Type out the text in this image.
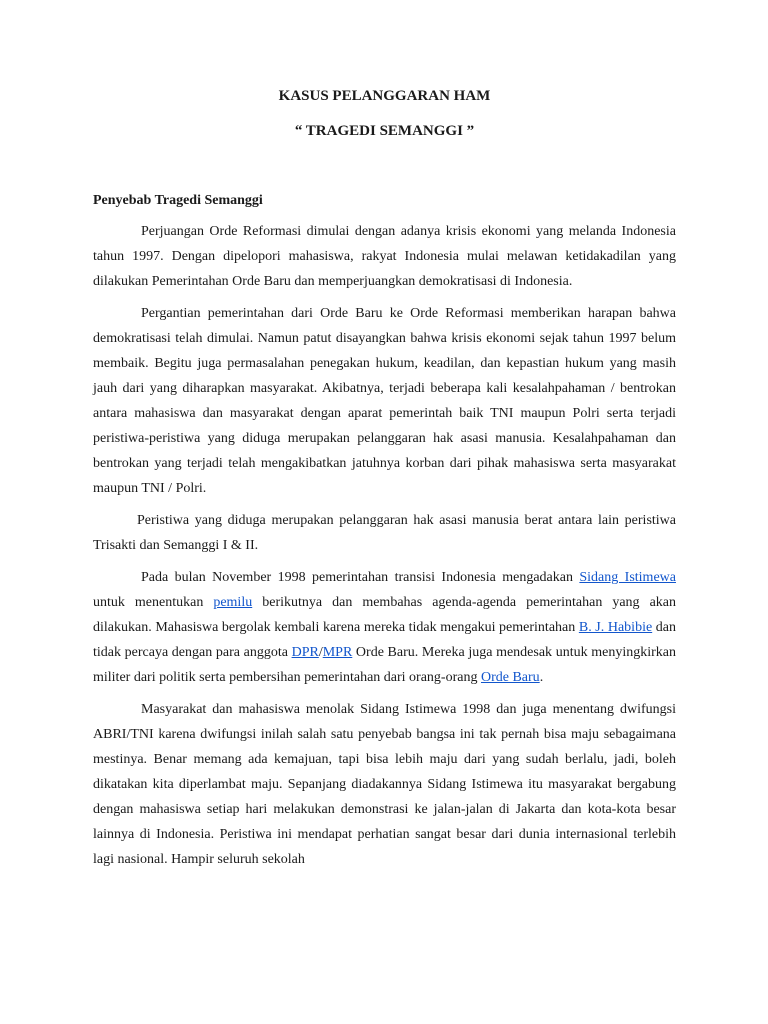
KASUS PELANGGARAN HAM
“ TRAGEDI SEMANGGI ”
Penyebab Tragedi Semanggi

Perjuangan Orde Reformasi dimulai dengan adanya krisis ekonomi yang melanda Indonesia tahun 1997. Dengan dipelopori mahasiswa, rakyat Indonesia mulai melawan ketidakadilan yang dilakukan Pemerintahan Orde Baru dan memperjuangkan demokratisasi di Indonesia.

Pergantian pemerintahan dari Orde Baru ke Orde Reformasi memberikan harapan bahwa demokratisasi telah dimulai. Namun patut disayangkan bahwa krisis ekonomi sejak tahun 1997 belum membaik. Begitu juga permasalahan penegakan hukum, keadilan, dan kepastian hukum yang masih jauh dari yang diharapkan masyarakat. Akibatnya, terjadi beberapa kali kesalahpahaman / bentrokan antara mahasiswa dan masyarakat dengan aparat pemerintah baik TNI maupun Polri serta terjadi peristiwa-peristiwa yang diduga merupakan pelanggaran hak asasi manusia. Kesalahpahaman dan bentrokan yang terjadi telah mengakibatkan jatuhnya korban dari pihak mahasiswa serta masyarakat maupun TNI / Polri.

Peristiwa yang diduga merupakan pelanggaran hak asasi manusia berat antara lain peristiwa Trisakti dan Semanggi I & II.

Pada bulan November 1998 pemerintahan transisi Indonesia mengadakan Sidang Istimewa untuk menentukan pemilu berikutnya dan membahas agenda-agenda pemerintahan yang akan dilakukan. Mahasiswa bergolak kembali karena mereka tidak mengakui pemerintahan B. J. Habibie dan tidak percaya dengan para anggota DPR/MPR Orde Baru. Mereka juga mendesak untuk menyingkirkan militer dari politik serta pembersihan pemerintahan dari orang-orang Orde Baru.

Masyarakat dan mahasiswa menolak Sidang Istimewa 1998 dan juga menentang dwifungsi ABRI/TNI karena dwifungsi inilah salah satu penyebab bangsa ini tak pernah bisa maju sebagaimana mestinya. Benar memang ada kemajuan, tapi bisa lebih maju dari yang sudah berlalu, jadi, boleh dikatakan kita diperlambat maju. Sepanjang diadakannya Sidang Istimewa itu masyarakat bergabung dengan mahasiswa setiap hari melakukan demonstrasi ke jalan-jalan di Jakarta dan kota-kota besar lainnya di Indonesia. Peristiwa ini mendapat perhatian sangat besar dari dunia internasional terlebih lagi nasional. Hampir seluruh sekolah
